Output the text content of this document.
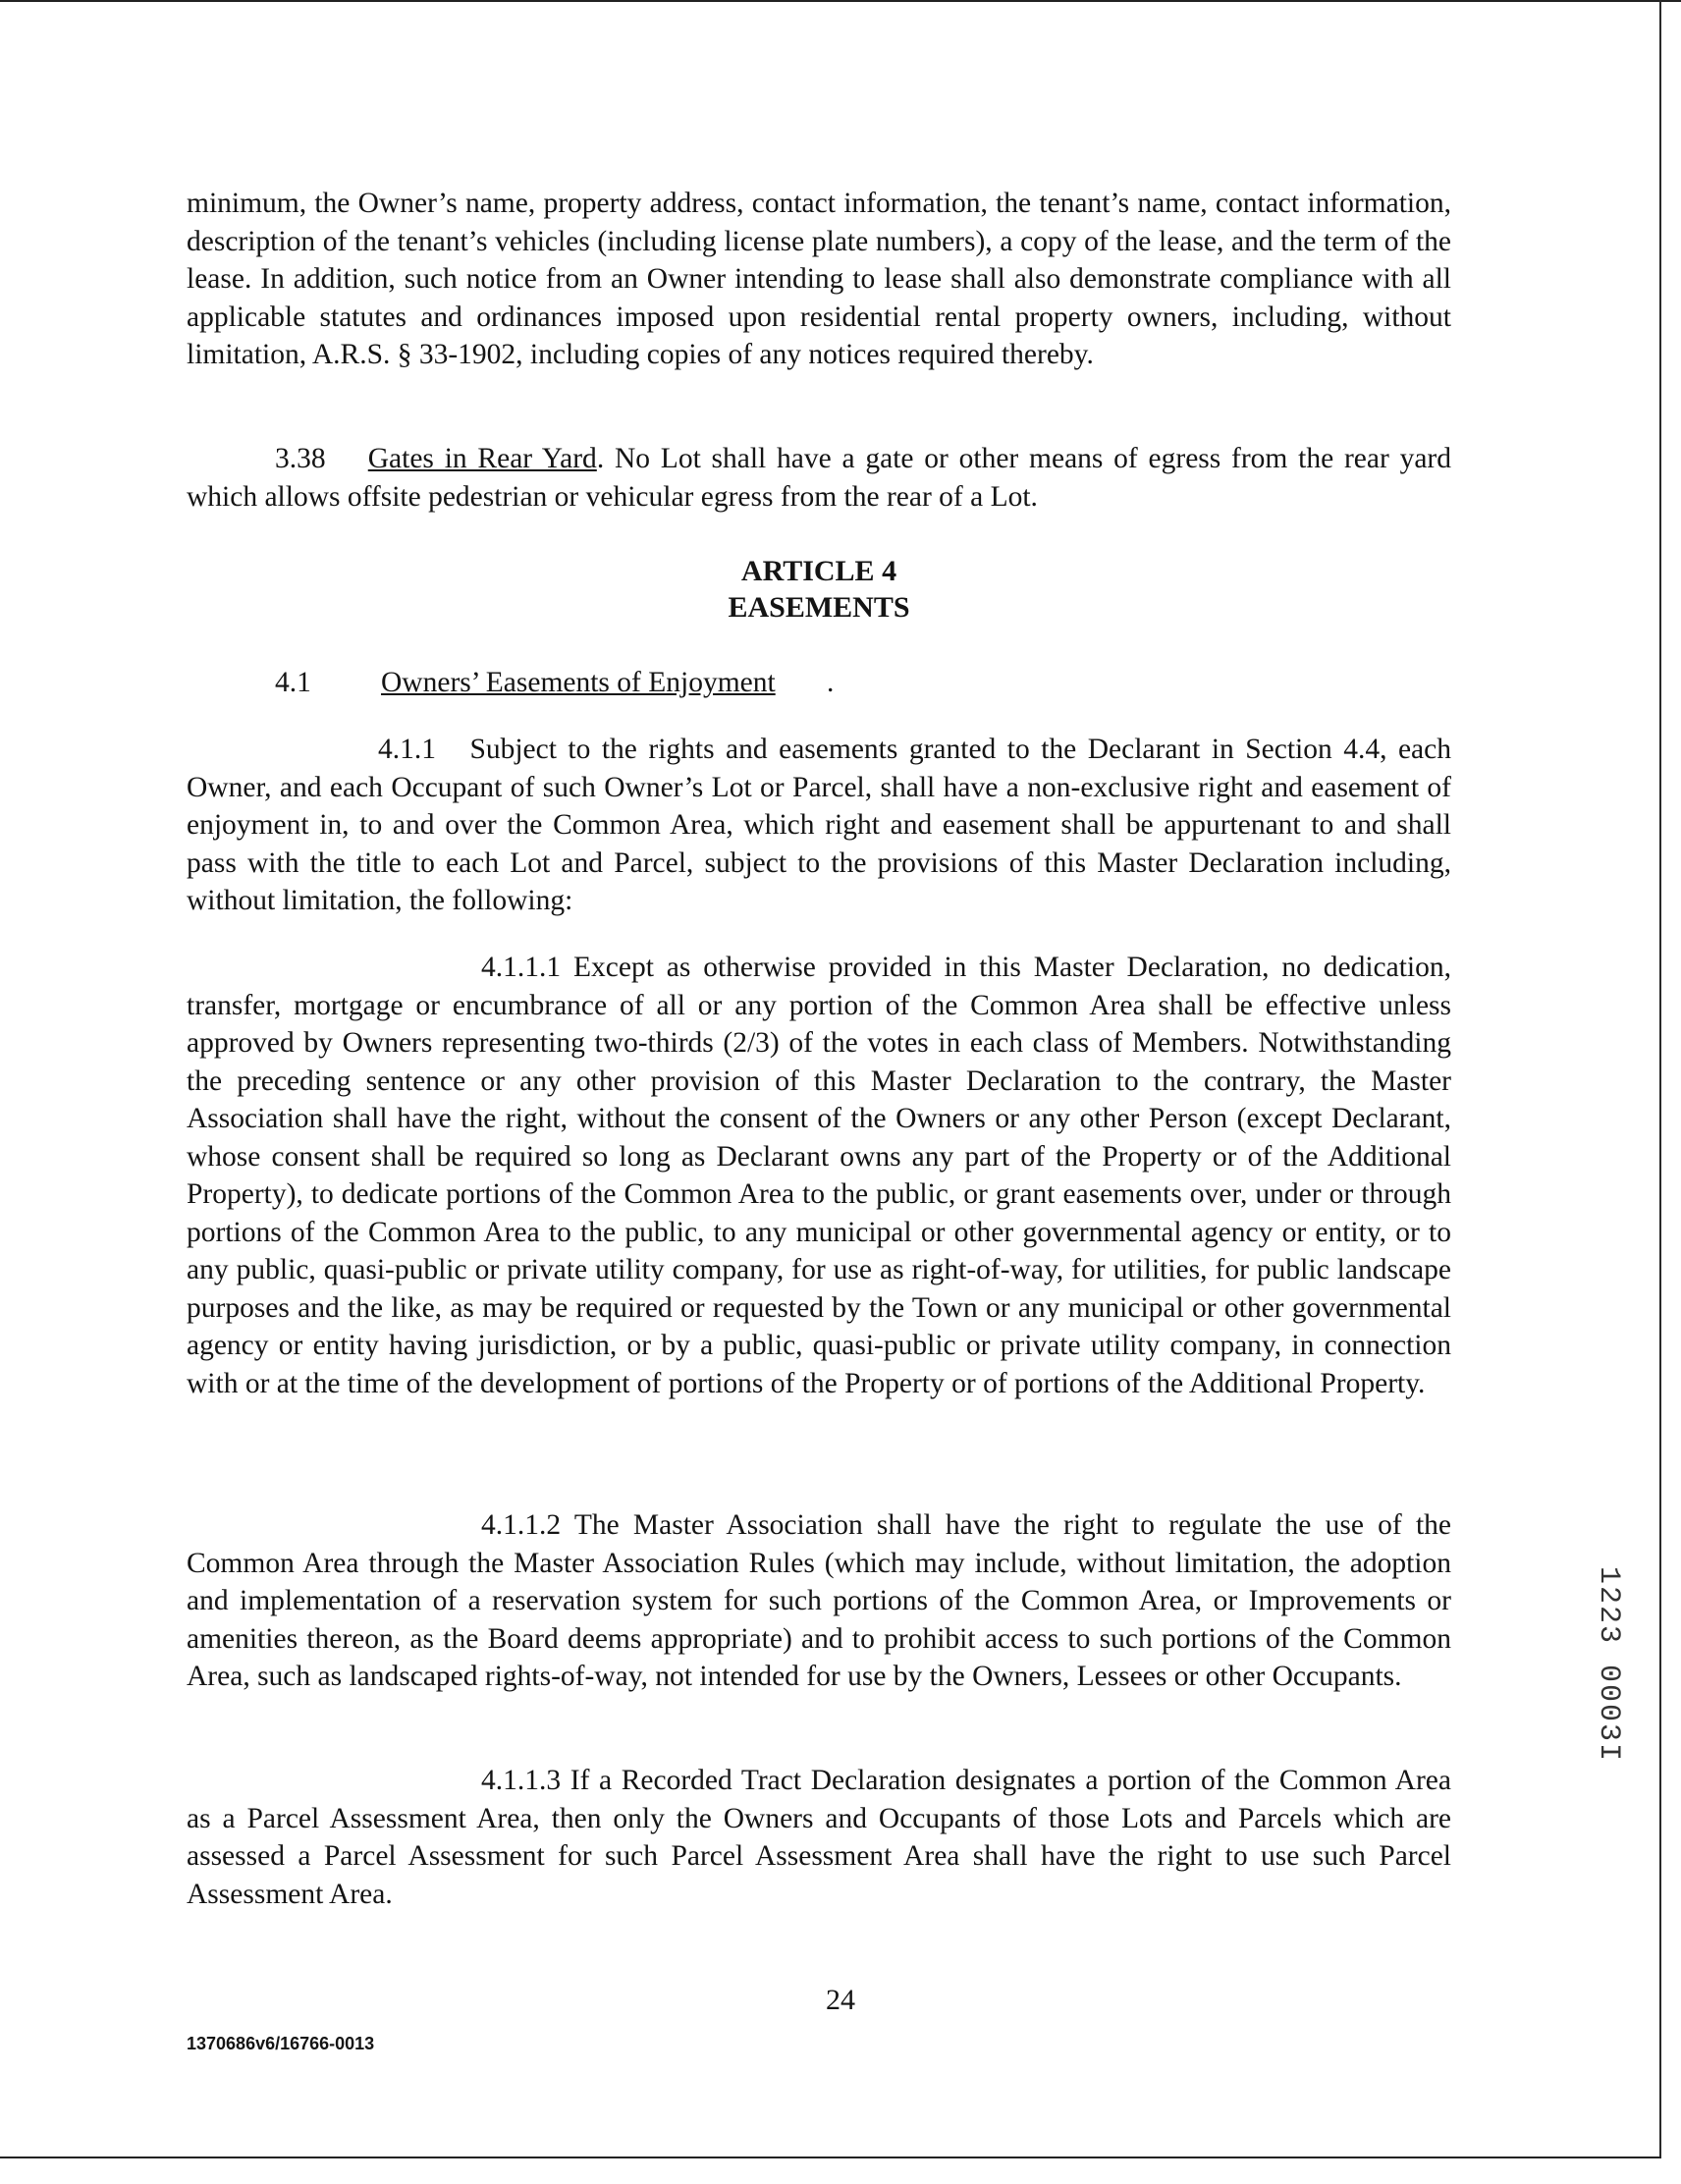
minimum, the Owner’s name, property address, contact information, the tenant’s name, contact information, description of the tenant’s vehicles (including license plate numbers), a copy of the lease, and the term of the lease. In addition, such notice from an Owner intending to lease shall also demonstrate compliance with all applicable statutes and ordinances imposed upon residential rental property owners, including, without limitation, A.R.S. § 33-1902, including copies of any notices required thereby.

3.38 Gates in Rear Yard. No Lot shall have a gate or other means of egress from the rear yard which allows offsite pedestrian or vehicular egress from the rear of a Lot.

ARTICLE 4

EASEMENTS

4.1 Owners’ Easements of Enjoyment .

4.1.1 Subject to the rights and easements granted to the Declarant in Section 4.4, each Owner, and each Occupant of such Owner’s Lot or Parcel, shall have a non-exclusive right and easement of enjoyment in, to and over the Common Area, which right and easement shall be appurtenant to and shall pass with the title to each Lot and Parcel, subject to the provisions of this Master Declaration including, without limitation, the following:

4.1.1.1 Except as otherwise provided in this Master Declaration, no dedication, transfer, mortgage or encumbrance of all or any portion of the Common Area shall be effective unless approved by Owners representing two-thirds (2/3) of the votes in each class of Members. Notwithstanding the preceding sentence or any other provision of this Master Declaration to the contrary, the Master Association shall have the right, without the consent of the Owners or any other Person (except Declarant, whose consent shall be required so long as Declarant owns any part of the Property or of the Additional Property), to dedicate portions of the Common Area to the public, or grant easements over, under or through portions of the Common Area to the public, to any municipal or other governmental agency or entity, or to any public, quasi-public or private utility company, for use as right-of-way, for utilities, for public landscape purposes and the like, as may be required or requested by the Town or any municipal or other governmental agency or entity having jurisdiction, or by a public, quasi-public or private utility company, in connection with or at the time of the development of portions of the Property or of portions of the Additional Property.

4.1.1.2 The Master Association shall have the right to regulate the use of the Common Area through the Master Association Rules (which may include, without limitation, the adoption and implementation of a reservation system for such portions of the Common Area, or Improvements or amenities thereon, as the Board deems appropriate) and to prohibit access to such portions of the Common Area, such as landscaped rights-of-way, not intended for use by the Owners, Lessees or other Occupants.

4.1.1.3 If a Recorded Tract Declaration designates a portion of the Common Area as a Parcel Assessment Area, then only the Owners and Occupants of those Lots and Parcels which are assessed a Parcel Assessment for such Parcel Assessment Area shall have the right to use such Parcel Assessment Area.

24
1370686v6/16766-0013
1223 0003I
